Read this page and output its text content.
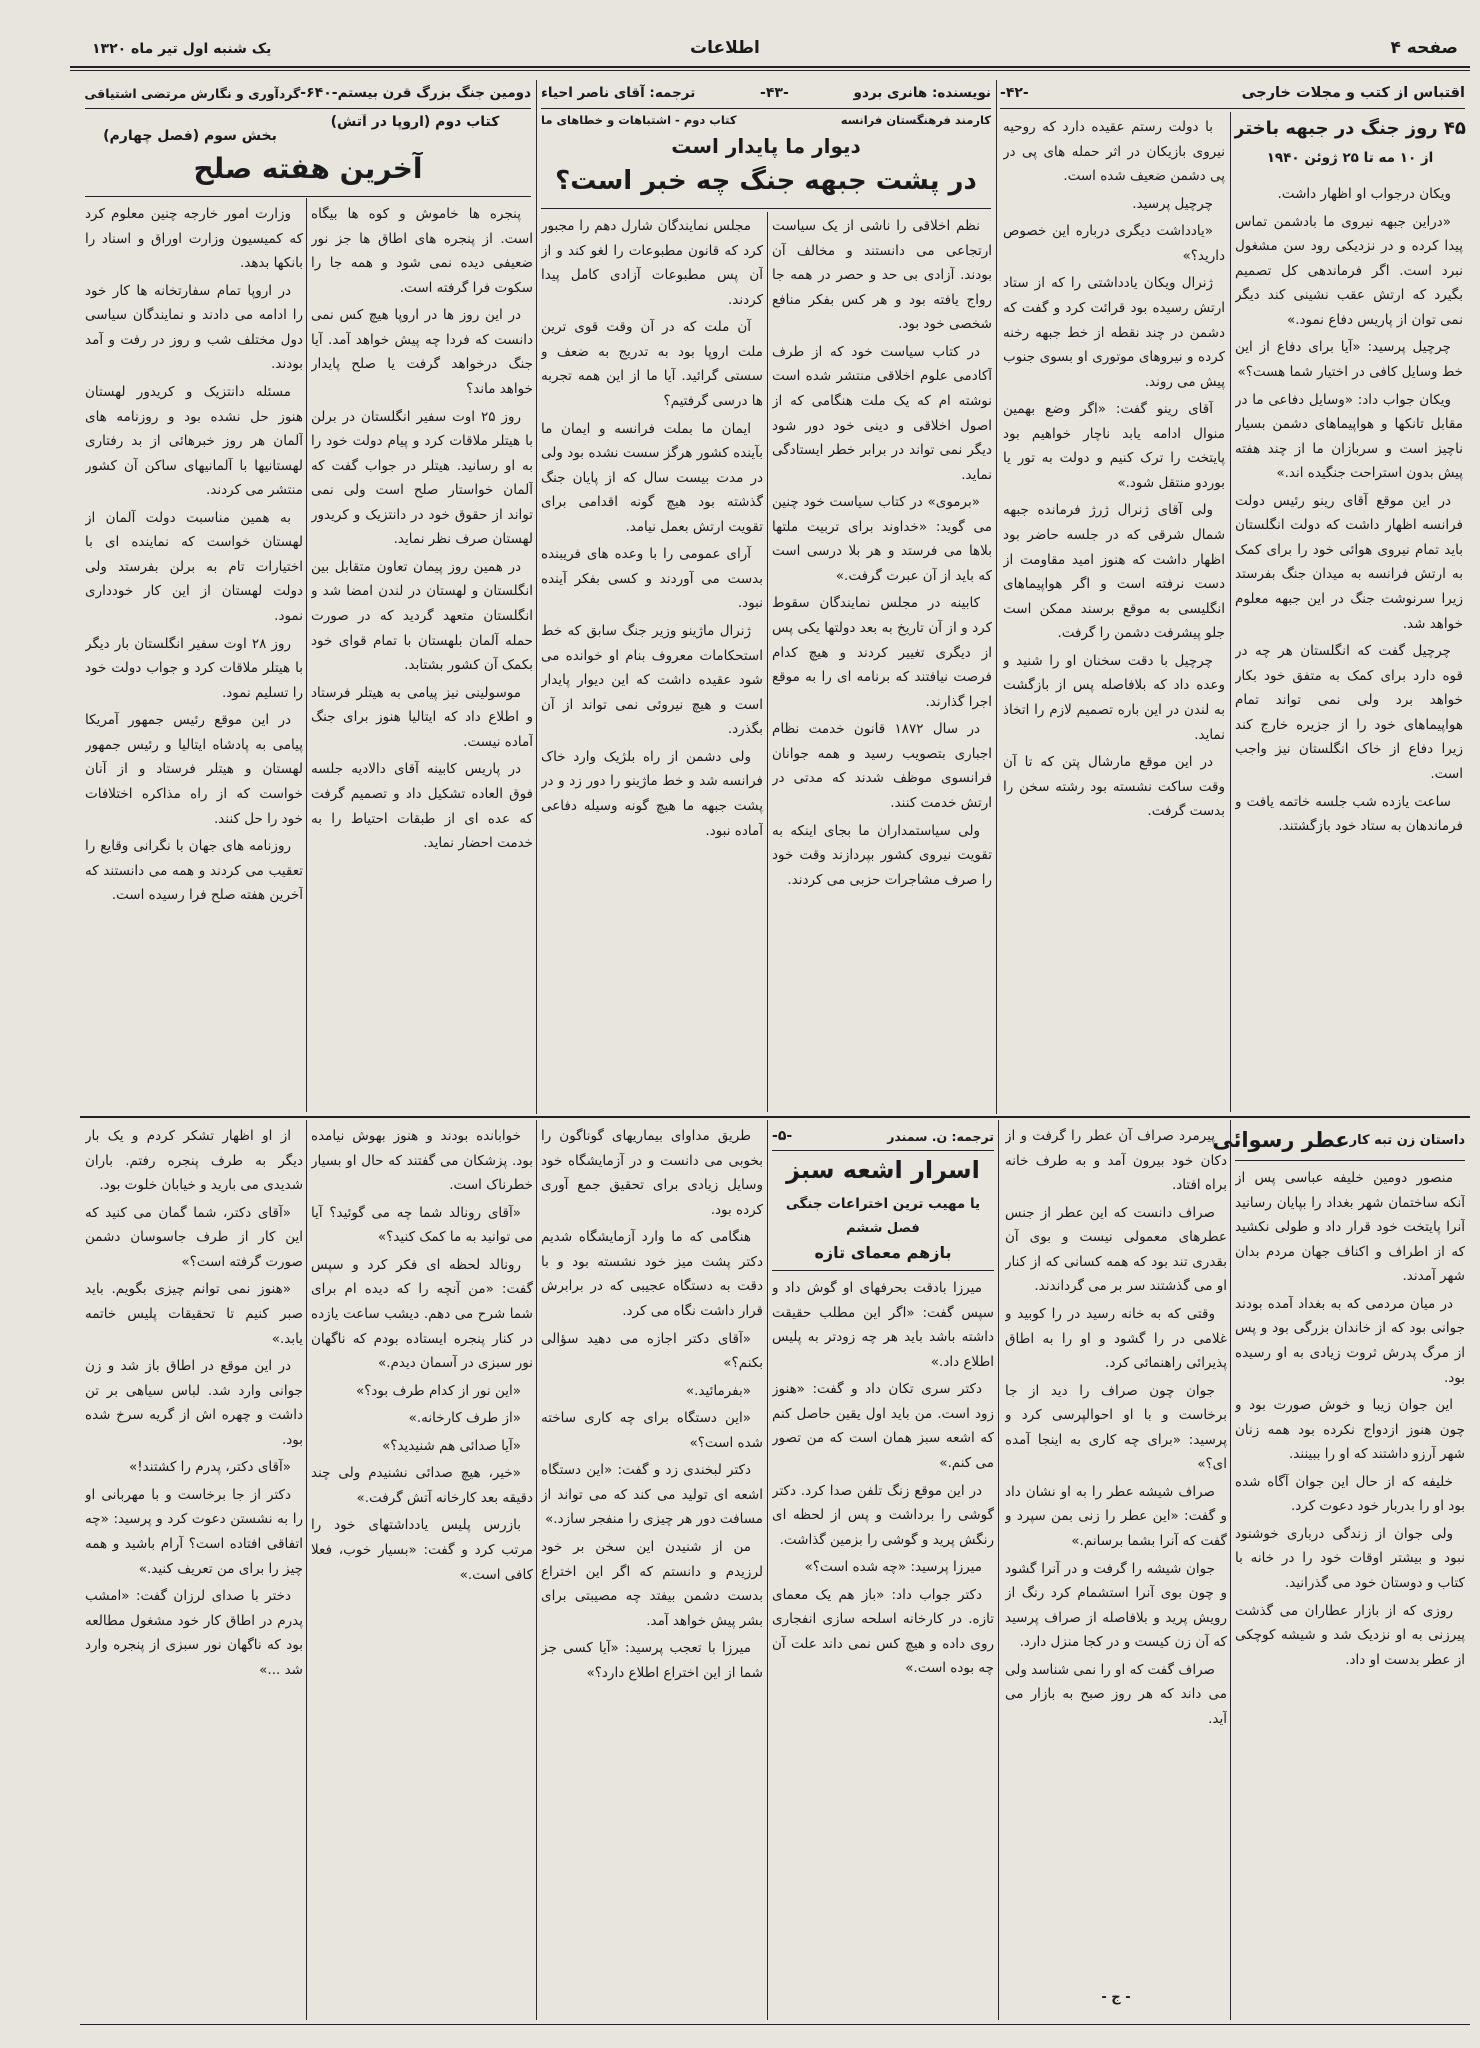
صفحه ۴
اطلاعات
یک شنبه اول تیر ماه ۱۳۲۰
اقتباس از کتب و مجلات خارجی
-۴۲-
۴۵ روز جنگ در جبهه باختر
از ۱۰ مه تا ۲۵ ژوئن ۱۹۴۰

ویکان درجواب او اظهار داشت.

«دراین جبهه نیروی ما بادشمن تماس پیدا کرده و در نزدیکی رود سن مشغول نبرد است. اگر فرماندهی کل تصمیم بگیرد که ارتش عقب نشینی کند دیگر نمی توان از پاریس دفاع نمود.»

چرچیل پرسید: «آیا برای دفاع از این خط وسایل کافی در اختیار شما هست؟»

ویکان جواب داد: «وسایل دفاعی ما در مقابل تانکها و هواپیماهای دشمن بسیار ناچیز است و سربازان ما از چند هفته پیش بدون استراحت جنگیده اند.»

در این موقع آقای رینو رئیس دولت فرانسه اظهار داشت که دولت انگلستان باید تمام نیروی هوائی خود را برای کمک به ارتش فرانسه به میدان جنگ بفرستد زیرا سرنوشت جنگ در این جبهه معلوم خواهد شد.

چرچیل گفت که انگلستان هر چه در قوه دارد برای کمک به متفق خود بکار خواهد برد ولی نمی تواند تمام هواپیماهای خود را از جزیره خارج کند زیرا دفاع از خاک انگلستان نیز واجب است.

ساعت یازده شب جلسه خاتمه یافت و فرماندهان به ستاد خود بازگشتند.

با دولت رستم عقیده دارد که روحیه نیروی بازیکان در اثر حمله های پی در پی دشمن ضعیف شده است.

چرچیل پرسید.

«یادداشت دیگری درباره این خصوص دارید؟»

ژنرال ویکان یادداشتی را که از ستاد ارتش رسیده بود قرائت کرد و گفت که دشمن در چند نقطه از خط جبهه رخنه کرده و نیروهای موتوری او بسوی جنوب پیش می روند.

آقای رینو گفت: «اگر وضع بهمین منوال ادامه یابد ناچار خواهیم بود پایتخت را ترک کنیم و دولت به تور یا بوردو منتقل شود.»

ولی آقای ژنرال ژرژ فرمانده جبهه شمال شرقی که در جلسه حاضر بود اظهار داشت که هنوز امید مقاومت از دست نرفته است و اگر هواپیماهای انگلیسی به موقع برسند ممکن است جلو پیشرفت دشمن را گرفت.

چرچیل با دقت سخنان او را شنید و وعده داد که بلافاصله پس از بازگشت به لندن در این باره تصمیم لازم را اتخاذ نماید.

در این موقع مارشال پتن که تا آن وقت ساکت نشسته بود رشته سخن را بدست گرفت.

نویسنده: هانری بردو
-۴۳-
ترجمه: آقای ناصر احیاء
کارمند فرهنگستان فرانسه
کتاب دوم - اشتباهات و خطاهای ما
دیوار ما پایدار است
در پشت جبهه جنگ چه خبر است؟

نظم اخلاقی را ناشی از یک سیاست ارتجاعی می دانستند و مخالف آن بودند. آزادی بی حد و حصر در همه جا رواج یافته بود و هر کس بفکر منافع شخصی خود بود.

در کتاب سیاست خود که از طرف آکادمی علوم اخلاقی منتشر شده است نوشته ام که یک ملت هنگامی که از اصول اخلاقی و دینی خود دور شود دیگر نمی تواند در برابر خطر ایستادگی نماید.

«برموی» در کتاب سیاست خود چنین می گوید: «خداوند برای تربیت ملتها بلاها می فرستد و هر بلا درسی است که باید از آن عبرت گرفت.»

کابینه در مجلس نمایندگان سقوط کرد و از آن تاریخ به بعد دولتها یکی پس از دیگری تغییر کردند و هیچ کدام فرصت نیافتند که برنامه ای را به موقع اجرا گذارند.

در سال ۱۸۷۲ قانون خدمت نظام اجباری بتصویب رسید و همه جوانان فرانسوی موظف شدند که مدتی در ارتش خدمت کنند.

ولی سیاستمداران ما بجای اینکه به تقویت نیروی کشور بپردازند وقت خود را صرف مشاجرات حزبی می کردند.

مجلس نمایندگان شارل دهم را مجبور کرد که قانون مطبوعات را لغو کند و از آن پس مطبوعات آزادی کامل پیدا کردند.

آن ملت که در آن وقت قوی ترین ملت اروپا بود به تدریج به ضعف و سستی گرائید. آیا ما از این همه تجربه ها درسی گرفتیم؟

ایمان ما بملت فرانسه و ایمان ما بآینده کشور هرگز سست نشده بود ولی در مدت بیست سال که از پایان جنگ گذشته بود هیچ گونه اقدامی برای تقویت ارتش بعمل نیامد.

آرای عمومی را با وعده های فریبنده بدست می آوردند و کسی بفکر آینده نبود.

ژنرال ماژینو وزیر جنگ سابق که خط استحکامات معروف بنام او خوانده می شود عقیده داشت که این دیوار پایدار است و هیچ نیروئی نمی تواند از آن بگذرد.

ولی دشمن از راه بلژیک وارد خاک فرانسه شد و خط ماژینو را دور زد و در پشت جبهه ما هیچ گونه وسیله دفاعی آماده نبود.

دومین جنگ بزرگ قرن بیستم
-۶۴۰-
گردآوری و نگارش مرتضی اشتیاقی
کتاب دوم (اروپا در آتش)
بخش سوم (فصل چهارم)
آخرین هفته صلح

پنجره ها خاموش و کوه ها بیگاه است. از پنجره های اطاق ها جز نور ضعیفی دیده نمی شود و همه جا را سکوت فرا گرفته است.

در این روز ها در اروپا هیچ کس نمی دانست که فردا چه پیش خواهد آمد. آیا جنگ درخواهد گرفت یا صلح پایدار خواهد ماند؟

روز ۲۵ اوت سفیر انگلستان در برلن با هیتلر ملاقات کرد و پیام دولت خود را به او رسانید. هیتلر در جواب گفت که آلمان خواستار صلح است ولی نمی تواند از حقوق خود در دانتزیک و کریدور لهستان صرف نظر نماید.

در همین روز پیمان تعاون متقابل بین انگلستان و لهستان در لندن امضا شد و انگلستان متعهد گردید که در صورت حمله آلمان بلهستان با تمام قوای خود بکمک آن کشور بشتابد.

موسولینی نیز پیامی به هیتلر فرستاد و اطلاع داد که ایتالیا هنوز برای جنگ آماده نیست.

در پاریس کابینه آقای دالادیه جلسه فوق العاده تشکیل داد و تصمیم گرفت که عده ای از طبقات احتیاط را به خدمت احضار نماید.

وزارت امور خارجه چنین معلوم کرد که کمیسیون وزارت اوراق و اسناد را بانکها بدهد.

در اروپا تمام سفارتخانه ها کار خود را ادامه می دادند و نمایندگان سیاسی دول مختلف شب و روز در رفت و آمد بودند.

مسئله دانتزیک و کریدور لهستان هنوز حل نشده بود و روزنامه های آلمان هر روز خبرهائی از بد رفتاری لهستانیها با آلمانیهای ساکن آن کشور منتشر می کردند.

به همین مناسبت دولت آلمان از لهستان خواست که نماینده ای با اختیارات تام به برلن بفرستد ولی دولت لهستان از این کار خودداری نمود.

روز ۲۸ اوت سفیر انگلستان بار دیگر با هیتلر ملاقات کرد و جواب دولت خود را تسلیم نمود.

در این موقع رئیس جمهور آمریکا پیامی به پادشاه ایتالیا و رئیس جمهور لهستان و هیتلر فرستاد و از آنان خواست که از راه مذاکره اختلافات خود را حل کنند.

روزنامه های جهان با نگرانی وقایع را تعقیب می کردند و همه می دانستند که آخرین هفته صلح فرا رسیده است.

داستان زن تبه کار
عطر رسوائی

منصور دومین خلیفه عباسی پس از آنکه ساختمان شهر بغداد را بپایان رسانید آنرا پایتخت خود قرار داد و طولی نکشید که از اطراف و اکناف جهان مردم بدان شهر آمدند.

در میان مردمی که به بغداد آمده بودند جوانی بود که از خاندان بزرگی بود و پس از مرگ پدرش ثروت زیادی به او رسیده بود.

این جوان زیبا و خوش صورت بود و چون هنوز ازدواج نکرده بود همه زنان شهر آرزو داشتند که او را ببینند.

خلیفه که از حال این جوان آگاه شده بود او را بدربار خود دعوت کرد.

ولی جوان از زندگی درباری خوشنود نبود و بیشتر اوقات خود را در خانه با کتاب و دوستان خود می گذرانید.

روزی که از بازار عطاران می گذشت پیرزنی به او نزدیک شد و شیشه کوچکی از عطر بدست او داد.

پیرمرد صراف آن عطر را گرفت و از دکان خود بیرون آمد و به طرف خانه براه افتاد.

صراف دانست که این عطر از جنس عطرهای معمولی نیست و بوی آن بقدری تند بود که همه کسانی که از کنار او می گذشتند سر بر می گرداندند.

وقتی که به خانه رسید در را کوبید و غلامی در را گشود و او را به اطاق پذیرائی راهنمائی کرد.

جوان چون صراف را دید از جا برخاست و با او احوالپرسی کرد و پرسید: «برای چه کاری به اینجا آمده ای؟»

صراف شیشه عطر را به او نشان داد و گفت: «این عطر را زنی بمن سپرد و گفت که آنرا بشما برسانم.»

جوان شیشه را گرفت و در آنرا گشود و چون بوی آنرا استشمام کرد رنگ از رویش پرید و بلافاصله از صراف پرسید که آن زن کیست و در کجا منزل دارد.

صراف گفت که او را نمی شناسد ولی می داند که هر روز صبح به بازار می آید.

- ج -
ترجمه: ن. سمندر
-۵-
اسرار اشعه سبز
یا مهیب ترین اختراعات جنگی
فصل ششم
بازهم معمای تازه

میرزا بادقت بحرفهای او گوش داد و سپس گفت: «اگر این مطلب حقیقت داشته باشد باید هر چه زودتر به پلیس اطلاع داد.»

دکتر سری تکان داد و گفت: «هنوز زود است. من باید اول یقین حاصل کنم که اشعه سبز همان است که من تصور می کنم.»

در این موقع زنگ تلفن صدا کرد. دکتر گوشی را برداشت و پس از لحظه ای رنگش پرید و گوشی را بزمین گذاشت.

میرزا پرسید: «چه شده است؟»

دکتر جواب داد: «باز هم یک معمای تازه. در کارخانه اسلحه سازی انفجاری روی داده و هیچ کس نمی داند علت آن چه بوده است.»

طریق مداوای بیماریهای گوناگون را بخوبی می دانست و در آزمایشگاه خود وسایل زیادی برای تحقیق جمع آوری کرده بود.

هنگامی که ما وارد آزمایشگاه شدیم دکتر پشت میز خود نشسته بود و با دقت به دستگاه عجیبی که در برابرش قرار داشت نگاه می کرد.

«آقای دکتر اجازه می دهید سؤالی بکنم؟»

«بفرمائید.»

«این دستگاه برای چه کاری ساخته شده است؟»

دکتر لبخندی زد و گفت: «این دستگاه اشعه ای تولید می کند که می تواند از مسافت دور هر چیزی را منفجر سازد.»

من از شنیدن این سخن بر خود لرزیدم و دانستم که اگر این اختراع بدست دشمن بیفتد چه مصیبتی برای بشر پیش خواهد آمد.

میرزا با تعجب پرسید: «آیا کسی جز شما از این اختراع اطلاع دارد؟»

خوابانده بودند و هنوز بهوش نیامده بود. پزشکان می گفتند که حال او بسیار خطرناک است.

«آقای رونالد شما چه می گوئید؟ آیا می توانید به ما کمک کنید؟»

رونالد لحظه ای فکر کرد و سپس گفت: «من آنچه را که دیده ام برای شما شرح می دهم. دیشب ساعت یازده در کنار پنجره ایستاده بودم که ناگهان نور سبزی در آسمان دیدم.»

«این نور از کدام طرف بود؟»

«از طرف کارخانه.»

«آیا صدائی هم شنیدید؟»

«خیر، هیچ صدائی نشنیدم ولی چند دقیقه بعد کارخانه آتش گرفت.»

بازرس پلیس یادداشتهای خود را مرتب کرد و گفت: «بسیار خوب، فعلا کافی است.»

از او اظهار تشکر کردم و یک بار دیگر به طرف پنجره رفتم. باران شدیدی می بارید و خیابان خلوت بود.

«آقای دکتر، شما گمان می کنید که این کار از طرف جاسوسان دشمن صورت گرفته است؟»

«هنوز نمی توانم چیزی بگویم. باید صبر کنیم تا تحقیقات پلیس خاتمه یابد.»

در این موقع در اطاق باز شد و زن جوانی وارد شد. لباس سیاهی بر تن داشت و چهره اش از گریه سرخ شده بود.

«آقای دکتر، پدرم را کشتند!»

دکتر از جا برخاست و با مهربانی او را به نشستن دعوت کرد و پرسید: «چه اتفاقی افتاده است؟ آرام باشید و همه چیز را برای من تعریف کنید.»

دختر با صدای لرزان گفت: «امشب پدرم در اطاق کار خود مشغول مطالعه بود که ناگهان نور سبزی از پنجره وارد شد ...»
